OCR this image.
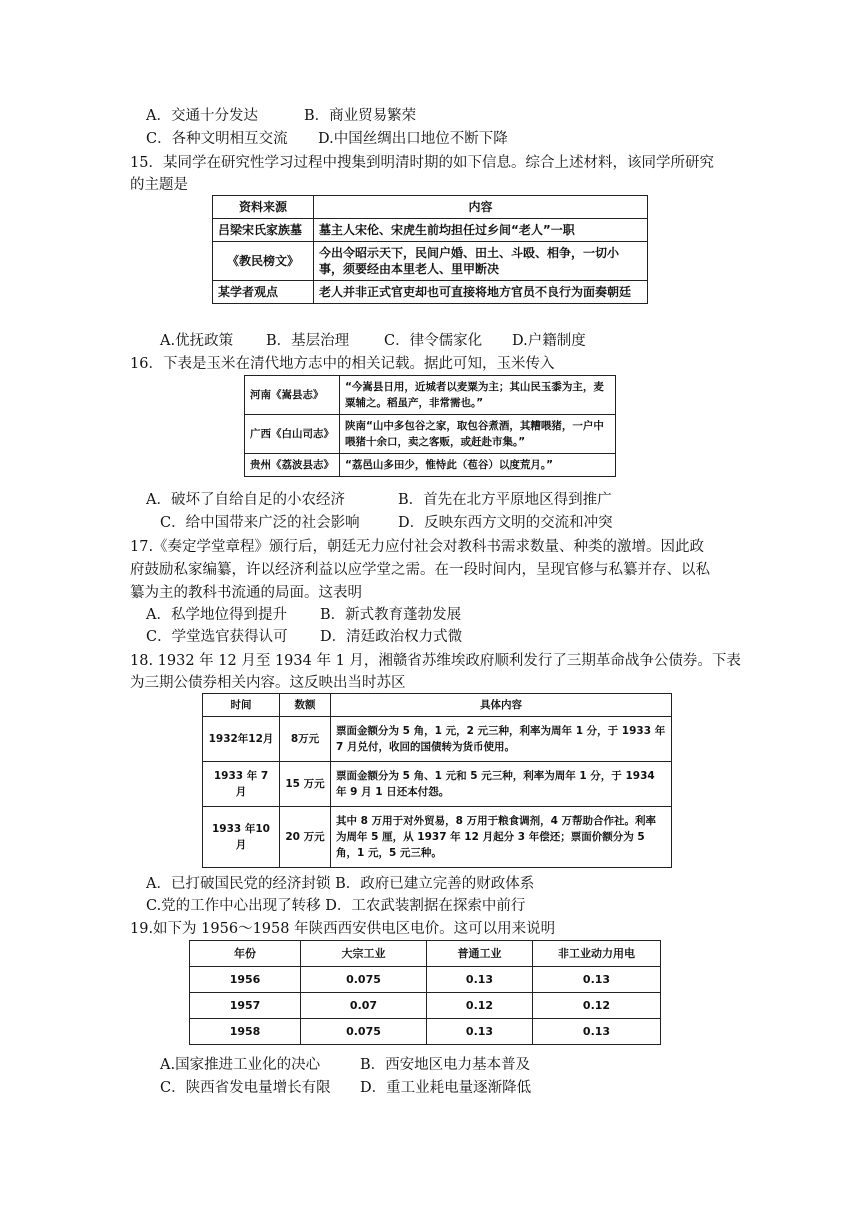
A．交通十分发达	B．商业贸易繁荣
C．各种文明相互交流 D.中国丝绸出口地位不断下降
15．某同学在研究性学习过程中搜集到明清时期的如下信息。综合上述材料，该同学所研究
的主题是
资料来源	内容
吕梁宋氏家族墓	墓主人宋伦、宋虎生前均担任过乡间“老人”一职
《教民榜文》	今出令昭示天下，民间户婚、田土、斗殴、相争，一切小事，须要经由本里老人、里甲断决
某学者观点	老人并非正式官吏却也可直接将地方官员不良行为面奏朝廷
A.优抚政策 B．基层治理 C．律令儒家化 D.户籍制度
16．下表是玉米在清代地方志中的相关记载。据此可知，玉米传入
河南《嵩县志》	“今嵩县日用，近城者以麦粟为主；其山民玉黍为主，麦粟辅之。稻虽产，非常需也。”
广西《白山司志》	陕南“山中多包谷之家，取包谷煮酒，其糟喂猪，一户中喂猪十余口，卖之客贩，或赶赴市集。”
贵州《荔波县志》	“荔邑山多田少，惟恃此（苞谷）以度荒月。”
A．破坏了自给自足的小农经济	B．首先在北方平原地区得到推广
C．给中国带来广泛的社会影响	D．反映东西方文明的交流和冲突
17.《奏定学堂章程》颁行后，朝廷无力应付社会对教科书需求数量、种类的激增。因此政
府鼓励私家编纂，许以经济利益以应学堂之需。在一段时间内，呈现官修与私纂并存、以私
纂为主的教科书流通的局面。这表明
A．私学地位得到提升 B．新式教育蓬勃发展
C．学堂选官获得认可 D．清廷政治权力式微
18. 1932 年 12 月至 1934 年 1 月，湘赣省苏维埃政府顺利发行了三期革命战争公债券。下表
为三期公债券相关内容。这反映出当时苏区
时间	数额	具体内容
1932年12月	8万元	票面金额分为 5 角，1 元，2 元三种，利率为周年 1 分，于 1933 年 7 月兑付，收回的国债转为货币使用。
1933 年 7 月	15 万元	票面金额分为 5 角、1 元和 5 元三种，利率为周年 1 分，于 1934 年 9 月 1 日还本付怨。
1933 年10月	20 万元	其中 8 万用于对外贸易，8 万用于粮食调剂，4 万帮助合作社。利率为周年 5 厘，从 1937 年 12 月起分 3 年偿还；票面价额分为 5 角，1 元，5 元三种。
A．已打破国民党的经济封锁 B．政府已建立完善的财政体系
C.党的工作中心出现了转移 D．工农武装割据在探索中前行
19.如下为 1956～1958 年陕西西安供电区电价。这可以用来说明
年份	大宗工业	普通工业	非工业动力用电
1956	0.075	0.13	0.13
1957	0.07	0.12	0.12
1958	0.075	0.13	0.13
A.国家推进工业化的决心	B．西安地区电力基本普及
C．陕西省发电量增长有限 D．重工业耗电量逐渐降低
